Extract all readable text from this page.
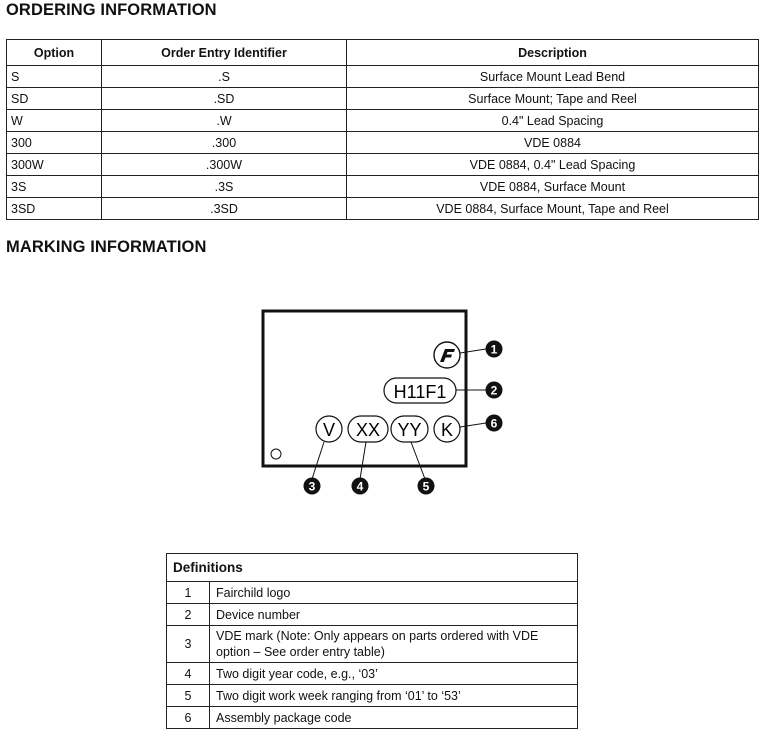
ORDERING INFORMATION
Option	Order Entry Identifier	Description
S	.S	Surface Mount Lead Bend
SD	.SD	Surface Mount; Tape and Reel
W	.W	0.4" Lead Spacing
300	.300	VDE 0884
300W	.300W	VDE 0884, 0.4" Lead Spacing
3S	.3S	VDE 0884, Surface Mount
3SD	.3SD	VDE 0884, Surface Mount, Tape and Reel
MARKING INFORMATION
H11F1
V XX YY K
1
2
3	4	5
6
Definitions	
1	Fairchild logo
2	Device number
3	VDE mark (Note: Only appears on parts ordered with VDE option – See order entry table)
4	Two digit year code, e.g., ‘03’
5	Two digit work week ranging from ‘01’ to ‘53’
6	Assembly package code
